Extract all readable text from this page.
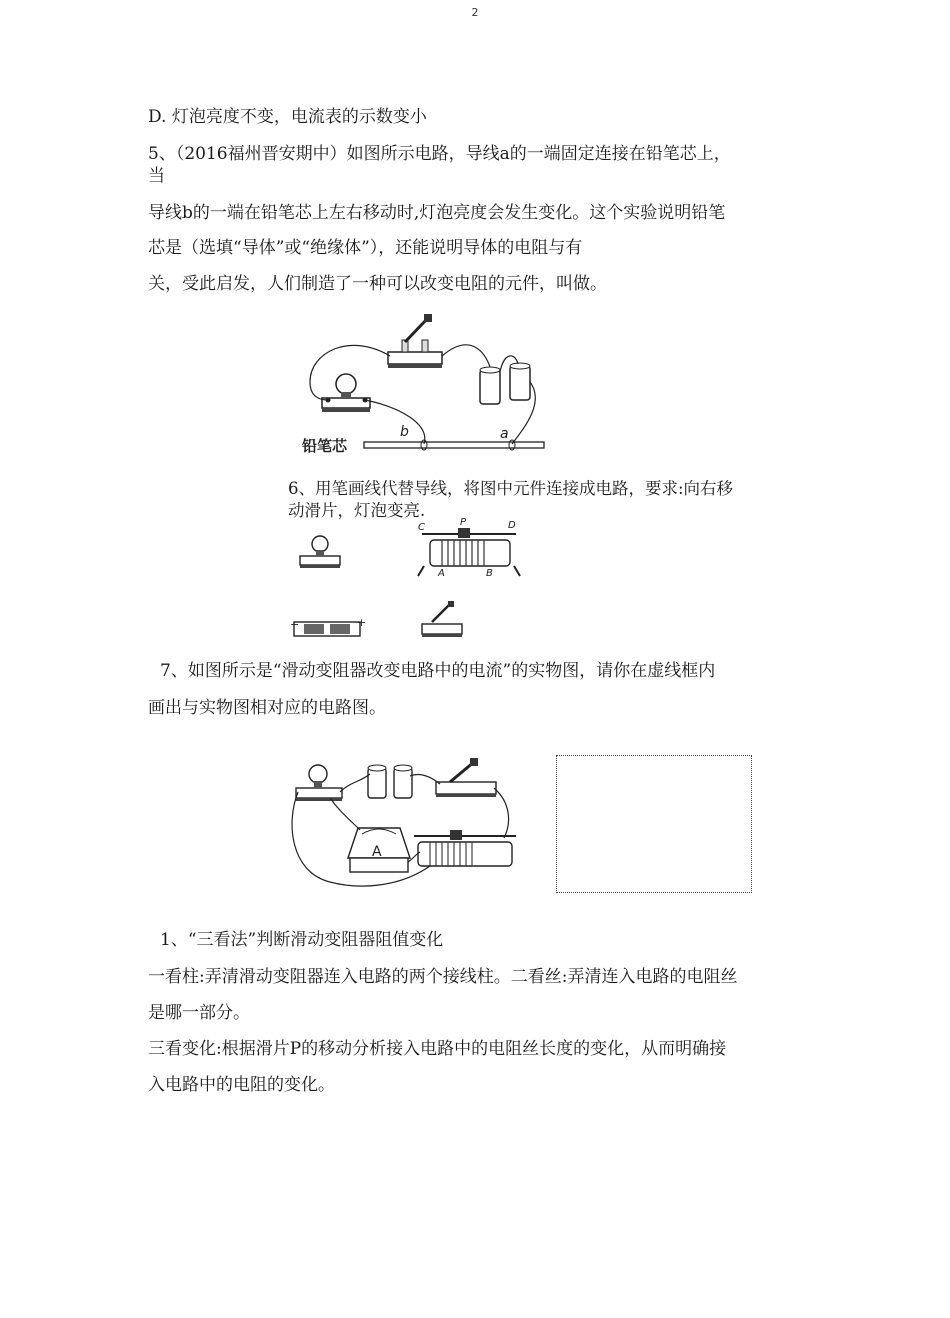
2
D. 灯泡亮度不变，电流表的示数变小
5、（2016福州晋安期中）如图所示电路，导线a的一端固定连接在铅笔芯上，
当
导线b的一端在铅笔芯上左右移动时,灯泡亮度会发生变化。这个实验说明铅笔
芯是（选填“导体”或“绝缘体”），还能说明导体的电阻与有
关，受此启发，人们制造了一种可以改变电阻的元件，叫做。
b	a
铅笔芯
6、用笔画线代替导线，将图中元件连接成电路，要求:向右移
动滑片，灯泡变亮.
C	P	D
A	B
−	+
7、如图所示是“滑动变阻器改变电路中的电流”的实物图，请你在虚线框内
画出与实物图相对应的电路图。
A
1、“三看法”判断滑动变阻器阻值变化
一看柱:弄清滑动变阻器连入电路的两个接线柱。二看丝:弄清连入电路的电阻丝
是哪一部分。
三看变化:根据滑片P的移动分析接入电路中的电阻丝长度的变化，从而明确接
入电路中的电阻的变化。
